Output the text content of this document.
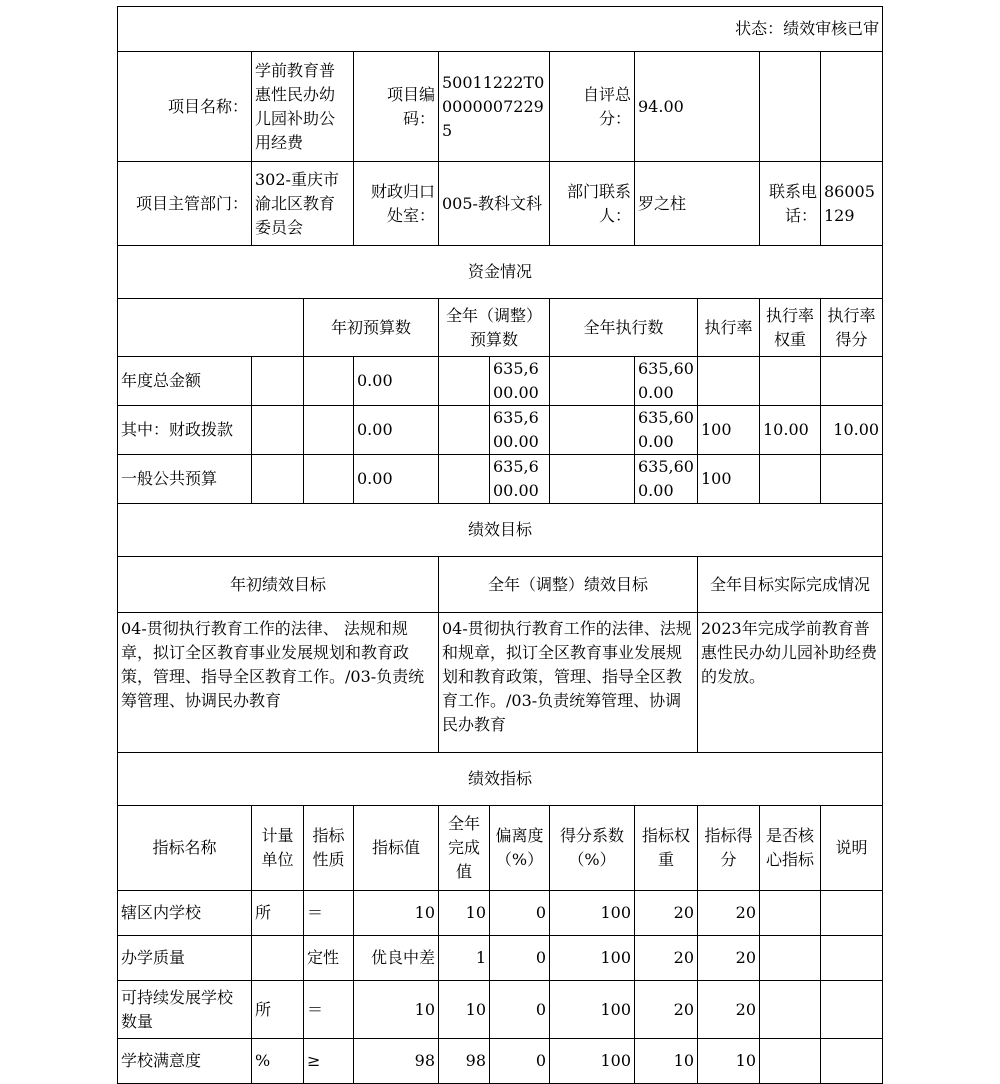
状态：绩效审核已审										
项目名称：	学前教育普惠性民办幼儿园补助公用经费		项目编码：	50011222T000000072295		自评总分：	94.00			
项目主管部门：	302-重庆市渝北区教育委员会		财政归口处室：	005-教科文科		部门联系人：	罗之柱		联系电话：	86005129
资金情况										
		年初预算数		全年（调整）预算数		全年执行数		执行率	执行率权重	执行率得分
年度总金额			0.00		635,600.00		635,600.00			
其中：财政拨款			0.00		635,600.00		635,600.00	100	10.00	10.00
一般公共预算			0.00		635,600.00		635,600.00	100		
绩效目标										
年初绩效目标				全年（调整）绩效目标				全年目标实际完成情况		
04-贯彻执行教育工作的法律、 法规和规章，拟订全区教育事业发展规划和教育政策，管理、指导全区教育工作。/03-负责统筹管理、协调民办教育				04-贯彻执行教育工作的法律、法规和规章，拟订全区教育事业发展规划和教育政策，管理、指导全区教育工作。/03-负责统筹管理、协调民办教育				2023年完成学前教育普惠性民办幼儿园补助经费的发放。		
绩效指标										
指标名称	计量单位	指标性质	指标值	全年完成值	偏离度（%）	得分系数（%）	指标权重	指标得分	是否核心指标	说明
辖区内学校	所	＝	10	10	0	100	20	20		
办学质量		定性	优良中差	1	0	100	20	20		
可持续发展学校数量	所	＝	10	10	0	100	20	20		
学校满意度	%	≥	98	98	0	100	10	10		
